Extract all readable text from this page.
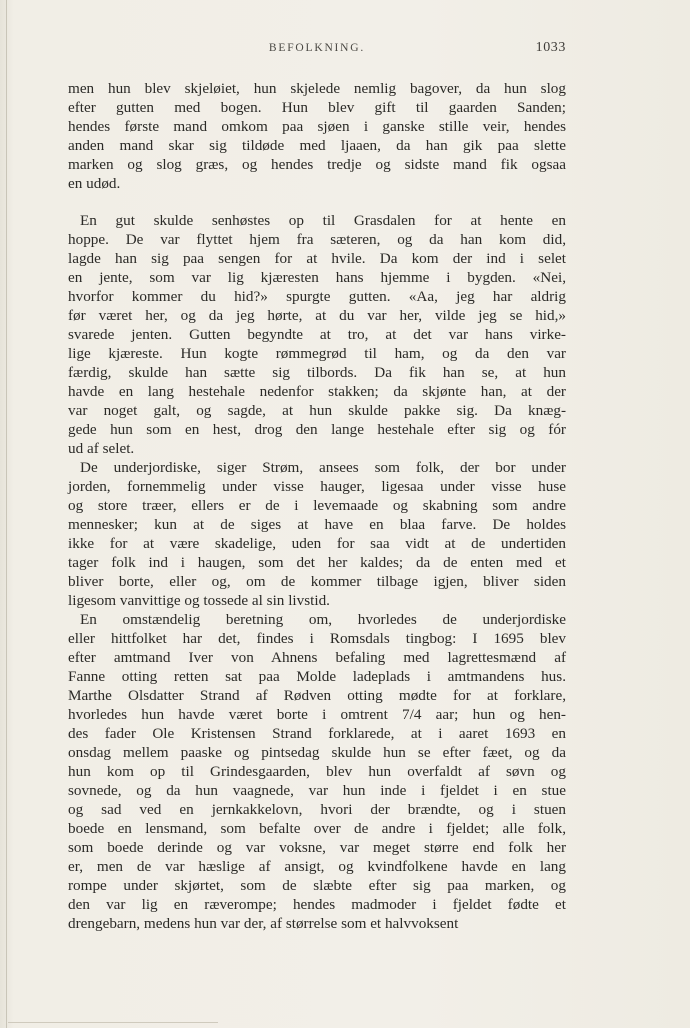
BEFOLKNING.	1033
men hun blev skjeløiet, hun skjelede nemlig bagover, da hun slog
efter gutten med bogen. Hun blev gift til gaarden Sanden;
hendes første mand omkom paa sjøen i ganske stille veir, hendes
anden mand skar sig tildøde med ljaaen, da han gik paa slette
marken og slog græs, og hendes tredje og sidste mand fik ogsaa
en udød.
En gut skulde senhøstes op til Grasdalen for at hente en
hoppe. De var flyttet hjem fra sæteren, og da han kom did,
lagde han sig paa sengen for at hvile. Da kom der ind i selet
en jente, som var lig kjæresten hans hjemme i bygden. «Nei,
hvorfor kommer du hid?» spurgte gutten. «Aa, jeg har aldrig
før været her, og da jeg hørte, at du var her, vilde jeg se hid,»
svarede jenten. Gutten begyndte at tro, at det var hans virke-
lige kjæreste. Hun kogte rømmegrød til ham, og da den var
færdig, skulde han sætte sig tilbords. Da fik han se, at hun
havde en lang hestehale nedenfor stakken; da skjønte han, at der
var noget galt, og sagde, at hun skulde pakke sig. Da knæg-
gede hun som en hest, drog den lange hestehale efter sig og fór
ud af selet.
De underjordiske, siger Strøm, ansees som folk, der bor under
jorden, fornemmelig under visse hauger, ligesaa under visse huse
og store træer, ellers er de i levemaade og skabning som andre
mennesker; kun at de siges at have en blaa farve. De holdes
ikke for at være skadelige, uden for saa vidt at de undertiden
tager folk ind i haugen, som det her kaldes; da de enten med et
bliver borte, eller og, om de kommer tilbage igjen, bliver siden
ligesom vanvittige og tossede al sin livstid.
En omstændelig beretning om, hvorledes de underjordiske
eller hittfolket har det, findes i Romsdals tingbog: I 1695 blev
efter amtmand Iver von Ahnens befaling med lagrettesmænd af
Fanne otting retten sat paa Molde ladeplads i amtmandens hus.
Marthe Olsdatter Strand af Rødven otting mødte for at forklare,
hvorledes hun havde været borte i omtrent 7/4 aar; hun og hen-
des fader Ole Kristensen Strand forklarede, at i aaret 1693 en
onsdag mellem paaske og pintsedag skulde hun se efter fæet, og da
hun kom op til Grindesgaarden, blev hun overfaldt af søvn og
sovnede, og da hun vaagnede, var hun inde i fjeldet i en stue
og sad ved en jernkakkelovn, hvori der brændte, og i stuen
boede en lensmand, som befalte over de andre i fjeldet; alle folk,
som boede derinde og var voksne, var meget større end folk her
er, men de var hæslige af ansigt, og kvindfolkene havde en lang
rompe under skjørtet, som de slæbte efter sig paa marken, og
den var lig en ræverompe; hendes madmoder i fjeldet fødte et
drengebarn, medens hun var der, af størrelse som et halvvoksent
